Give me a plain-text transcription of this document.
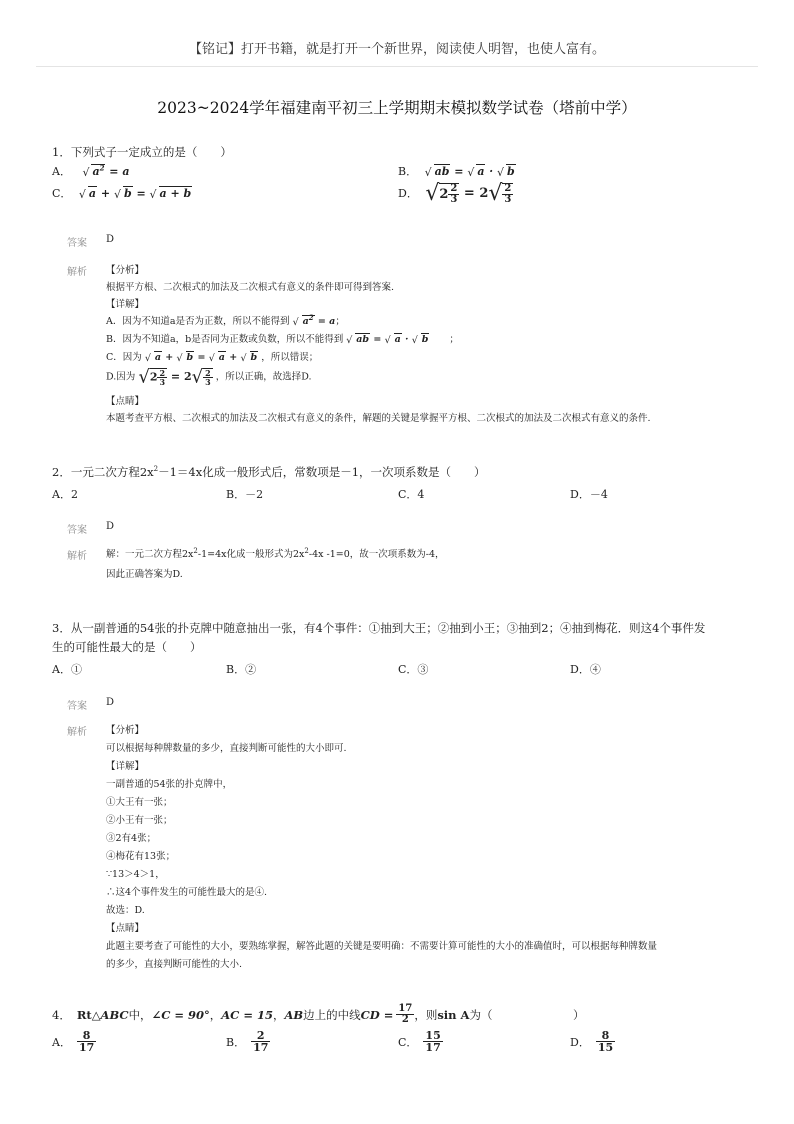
【铭记】打开书籍，就是打开一个新世界，阅读使人明智，也使人富有。
2023~2024学年福建南平初三上学期期末模拟数学试卷（塔前中学）
1．下列式子一定成立的是（　　）
A． √ $a^2 = a$	B． √ ab = √ a · √ b
C． √ a + √ b = √ a + b	D． $√2 \frac{2}{3} = 2√ \frac{2}{3}$
答案 D
解析 【分析】
根据平方根、二次根式的加法及二次根式有意义的条件即可得到答案.
【详解】
A．因为不知道a是否为正数，所以不能得到 √ $a^2 = a$；
B．因为不知道a，b是否同为正数或负数，所以不能得到 √ ab = √ a · √ b ；
C．因为 √ a + √ b = √ a + √ b ，所以错误；
D.因为 $√2 \frac{2}{3} = 2√ \frac{2}{3}$ ，所以正确，故选择D.
【点睛】
本题考查平方根、二次根式的加法及二次根式有意义的条件，解题的关键是掌握平方根、二次根式的加法及二次根式有意义的条件.
2．一元二次方程$2x^2-1=4x$化成一般形式后，常数项是－1，一次项系数是（　　）
A．2	B．－2	C．4	D．－4
答案 D
解析 解：一元二次方程$2x^2-1=4x$化成一般形式为$2x^2-4x$ -1=0，故一次项系数为-4，
因此正确答案为D.
3．从一副普通的54张的扑克牌中随意抽出一张，有4个事件：①抽到大王；②抽到小王；③抽到2；④抽到梅花．则这4个事件发
生的可能性最大的是（　　）
A．①	B．②	C．③	D．④
答案 D
解析 【分析】
可以根据每种牌数量的多少，直接判断可能性的大小即可.
【详解】
一副普通的54张的扑克牌中，
①大王有一张；
②小王有一张；
③2有4张；
④梅花有13张；
∵13＞4＞1，
∴这4个事件发生的可能性最大的是④.
故选：D.
【点睛】
此题主要考查了可能性的大小，要熟练掌握，解答此题的关键是要明确：不需要计算可能性的大小的准确值时，可以根据每种牌数量
的多少，直接判断可能性的大小.
4． Rt △ABC 中， ∠C = 90° ， AC = 15 ， AB 边上的中线 CD = $\frac{17}{2}$ ，则 sin A 为（　　　　　　　）
A． $\frac{8}{17}$	B． $\frac{2}{17}$	C． $\frac{15}{17}$	D． $\frac{8}{15}$
